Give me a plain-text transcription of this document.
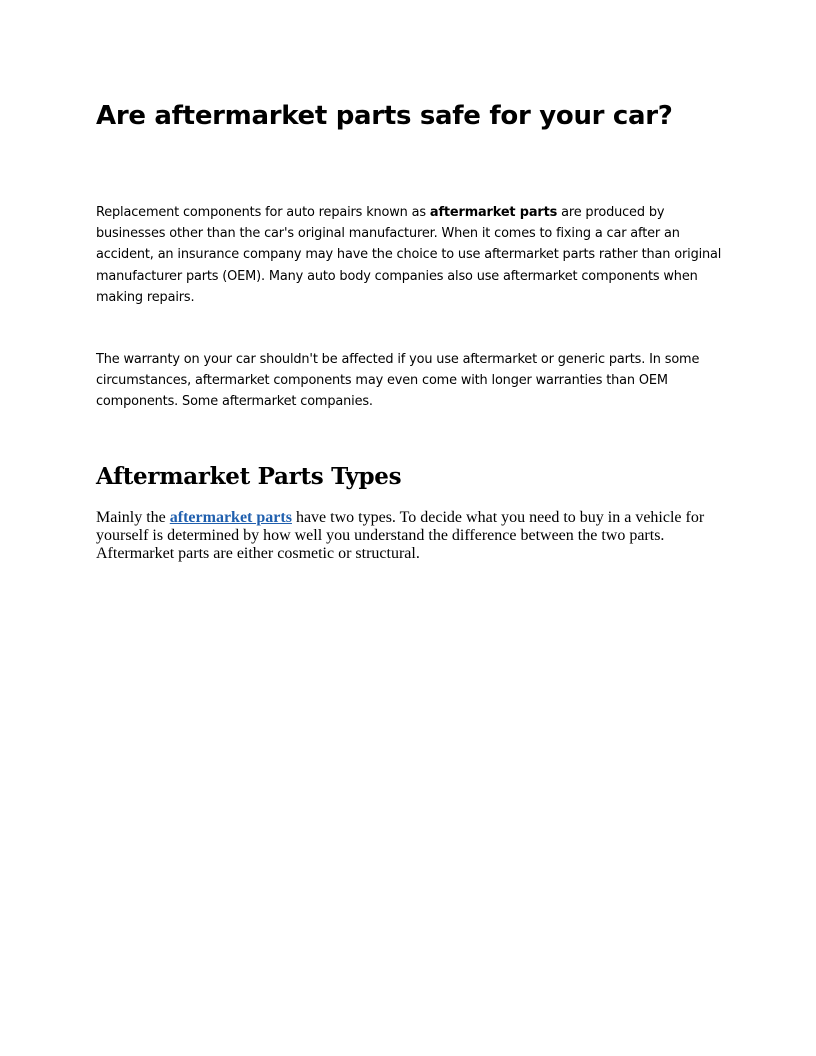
Are aftermarket parts safe for your car?

Replacement components for auto repairs known as aftermarket parts are produced by businesses other than the car's original manufacturer. When it comes to fixing a car after an accident, an insurance company may have the choice to use aftermarket parts rather than original manufacturer parts (OEM). Many auto body companies also use aftermarket components when making repairs.

The warranty on your car shouldn't be affected if you use aftermarket or generic parts. In some circumstances, aftermarket components may even come with longer warranties than OEM components. Some aftermarket companies.

Aftermarket Parts Types

Mainly the aftermarket parts have two types. To decide what you need to buy in a vehicle for yourself is determined by how well you understand the difference between the two parts. Aftermarket parts are either cosmetic or structural.
